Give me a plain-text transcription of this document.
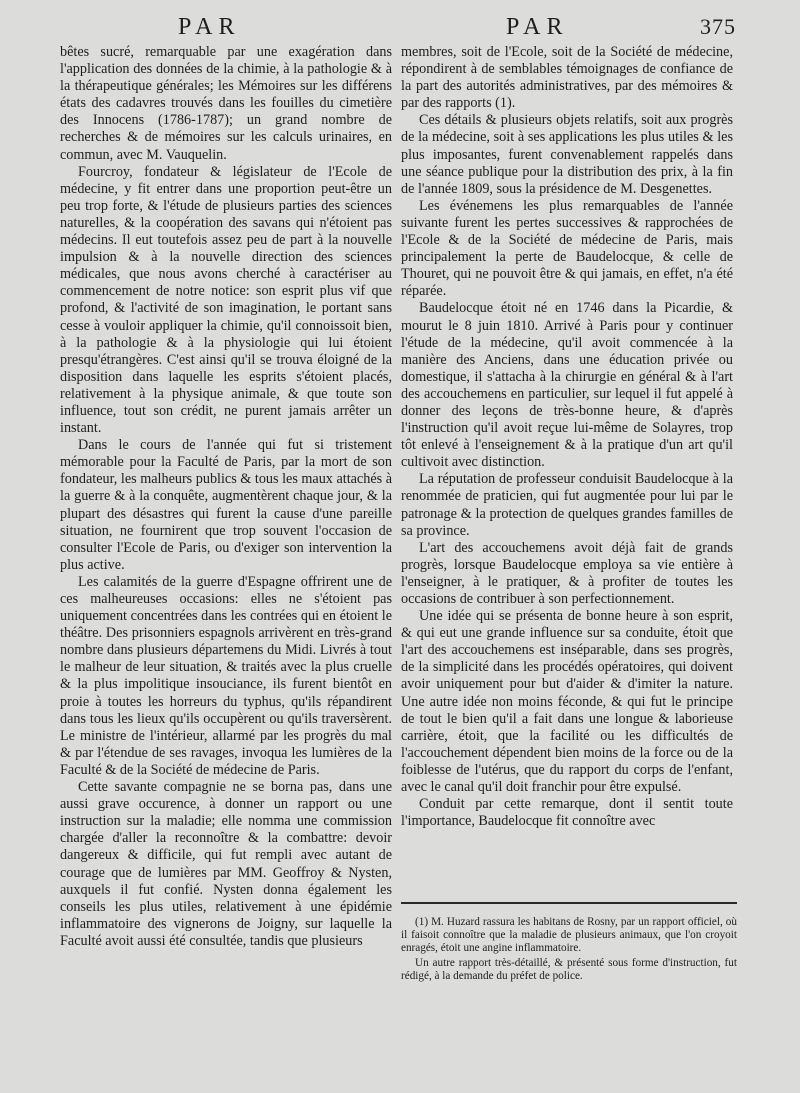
PAR	PAR	375

bêtes sucré, remarquable par une exagération dans l'application des données de la chimie, à la pathologie & à la thérapeutique générales; les Mémoires sur les différens états des cadavres trouvés dans les fouilles du cimetière des Innocens (1786-1787); un grand nombre de recherches & de mémoires sur les calculs urinaires, en commun, avec M. Vauquelin.

Fourcroy, fondateur & législateur de l'Ecole de médecine, y fit entrer dans une proportion peut-être un peu trop forte, & l'étude de plusieurs parties des sciences naturelles, & la coopération des savans qui n'étoient pas médecins. Il eut toutefois assez peu de part à la nouvelle impulsion & à la nouvelle direction des sciences médicales, que nous avons cherché à caractériser au commencement de notre notice: son esprit plus vif que profond, & l'activité de son imagination, le portant sans cesse à vouloir appliquer la chimie, qu'il connoissoit bien, à la pathologie & à la physiologie qui lui étoient presqu'étrangères. C'est ainsi qu'il se trouva éloigné de la disposition dans laquelle les esprits s'étoient placés, relativement à la physique animale, & que toute son influence, tout son crédit, ne purent jamais arrêter un instant.

Dans le cours de l'année qui fut si tristement mémorable pour la Faculté de Paris, par la mort de son fondateur, les malheurs publics & tous les maux attachés à la guerre & à la conquête, augmentèrent chaque jour, & la plupart des désastres qui furent la cause d'une pareille situation, ne fournirent que trop souvent l'occasion de consulter l'Ecole de Paris, ou d'exiger son intervention la plus active.

Les calamités de la guerre d'Espagne offrirent une de ces malheureuses occasions: elles ne s'étoient pas uniquement concentrées dans les contrées qui en étoient le théâtre. Des prisonniers espagnols arrivèrent en très-grand nombre dans plusieurs départemens du Midi. Livrés à tout le malheur de leur situation, & traités avec la plus cruelle & la plus impolitique insouciance, ils furent bientôt en proie à toutes les horreurs du typhus, qu'ils répandirent dans tous les lieux qu'ils occupèrent ou qu'ils traversèrent. Le ministre de l'intérieur, allarmé par les progrès du mal & par l'étendue de ses ravages, invoqua les lumières de la Faculté & de la Société de médecine de Paris.

Cette savante compagnie ne se borna pas, dans une aussi grave occurence, à donner un rapport ou une instruction sur la maladie; elle nomma une commission chargée d'aller la reconnoître & la combattre: devoir dangereux & difficile, qui fut rempli avec autant de courage que de lumières par MM. Geoffroy & Nysten, auxquels il fut confié. Nysten donna également les conseils les plus utiles, relativement à une épidémie inflammatoire des vignerons de Joigny, sur laquelle la Faculté avoit aussi été consultée, tandis que plusieurs

membres, soit de l'Ecole, soit de la Société de médecine, répondirent à de semblables témoignages de confiance de la part des autorités administratives, par des mémoires & par des rapports (1).

Ces détails & plusieurs objets relatifs, soit aux progrès de la médecine, soit à ses applications les plus utiles & les plus imposantes, furent convenablement rappelés dans une séance publique pour la distribution des prix, à la fin de l'année 1809, sous la présidence de M. Desgenettes.

Les événemens les plus remarquables de l'année suivante furent les pertes successives & rapprochées de l'Ecole & de la Société de médecine de Paris, mais principalement la perte de Baudelocque, & celle de Thouret, qui ne pouvoit être & qui jamais, en effet, n'a été réparée.

Baudelocque étoit né en 1746 dans la Picardie, & mourut le 8 juin 1810. Arrivé à Paris pour y continuer l'étude de la médecine, qu'il avoit commencée à la manière des Anciens, dans une éducation privée ou domestique, il s'attacha à la chirurgie en général & à l'art des accouchemens en particulier, sur lequel il fut appelé à donner des leçons de très-bonne heure, & d'après l'instruction qu'il avoit reçue lui-même de Solayres, trop tôt enlevé à l'enseignement & à la pratique d'un art qu'il cultivoit avec distinction.

La réputation de professeur conduisit Baudelocque à la renommée de praticien, qui fut augmentée pour lui par le patronage & la protection de quelques grandes familles de sa province.

L'art des accouchemens avoit déjà fait de grands progrès, lorsque Baudelocque employa sa vie entière à l'enseigner, à le pratiquer, & à profiter de toutes les occasions de contribuer à son perfectionnement.

Une idée qui se présenta de bonne heure à son esprit, & qui eut une grande influence sur sa conduite, étoit que l'art des accouchemens est inséparable, dans ses progrès, de la simplicité dans les procédés opératoires, qui doivent avoir uniquement pour but d'aider & d'imiter la nature. Une autre idée non moins féconde, & qui fut le principe de tout le bien qu'il a fait dans une longue & laborieuse carrière, étoit, que la facilité ou les difficultés de l'accouchement dépendent bien moins de la force ou de la foiblesse de l'utérus, que du rapport du corps de l'enfant, avec le canal qu'il doit franchir pour être expulsé.

Conduit par cette remarque, dont il sentit toute l'importance, Baudelocque fit connoître avec

(1) M. Huzard rassura les habitans de Rosny, par un rapport officiel, où il faisoit connoître que la maladie de plusieurs animaux, que l'on croyoit enragés, étoit une angine inflammatoire.

Un autre rapport très-détaillé, & présenté sous forme d'instruction, fut rédigé, à la demande du préfet de police.
